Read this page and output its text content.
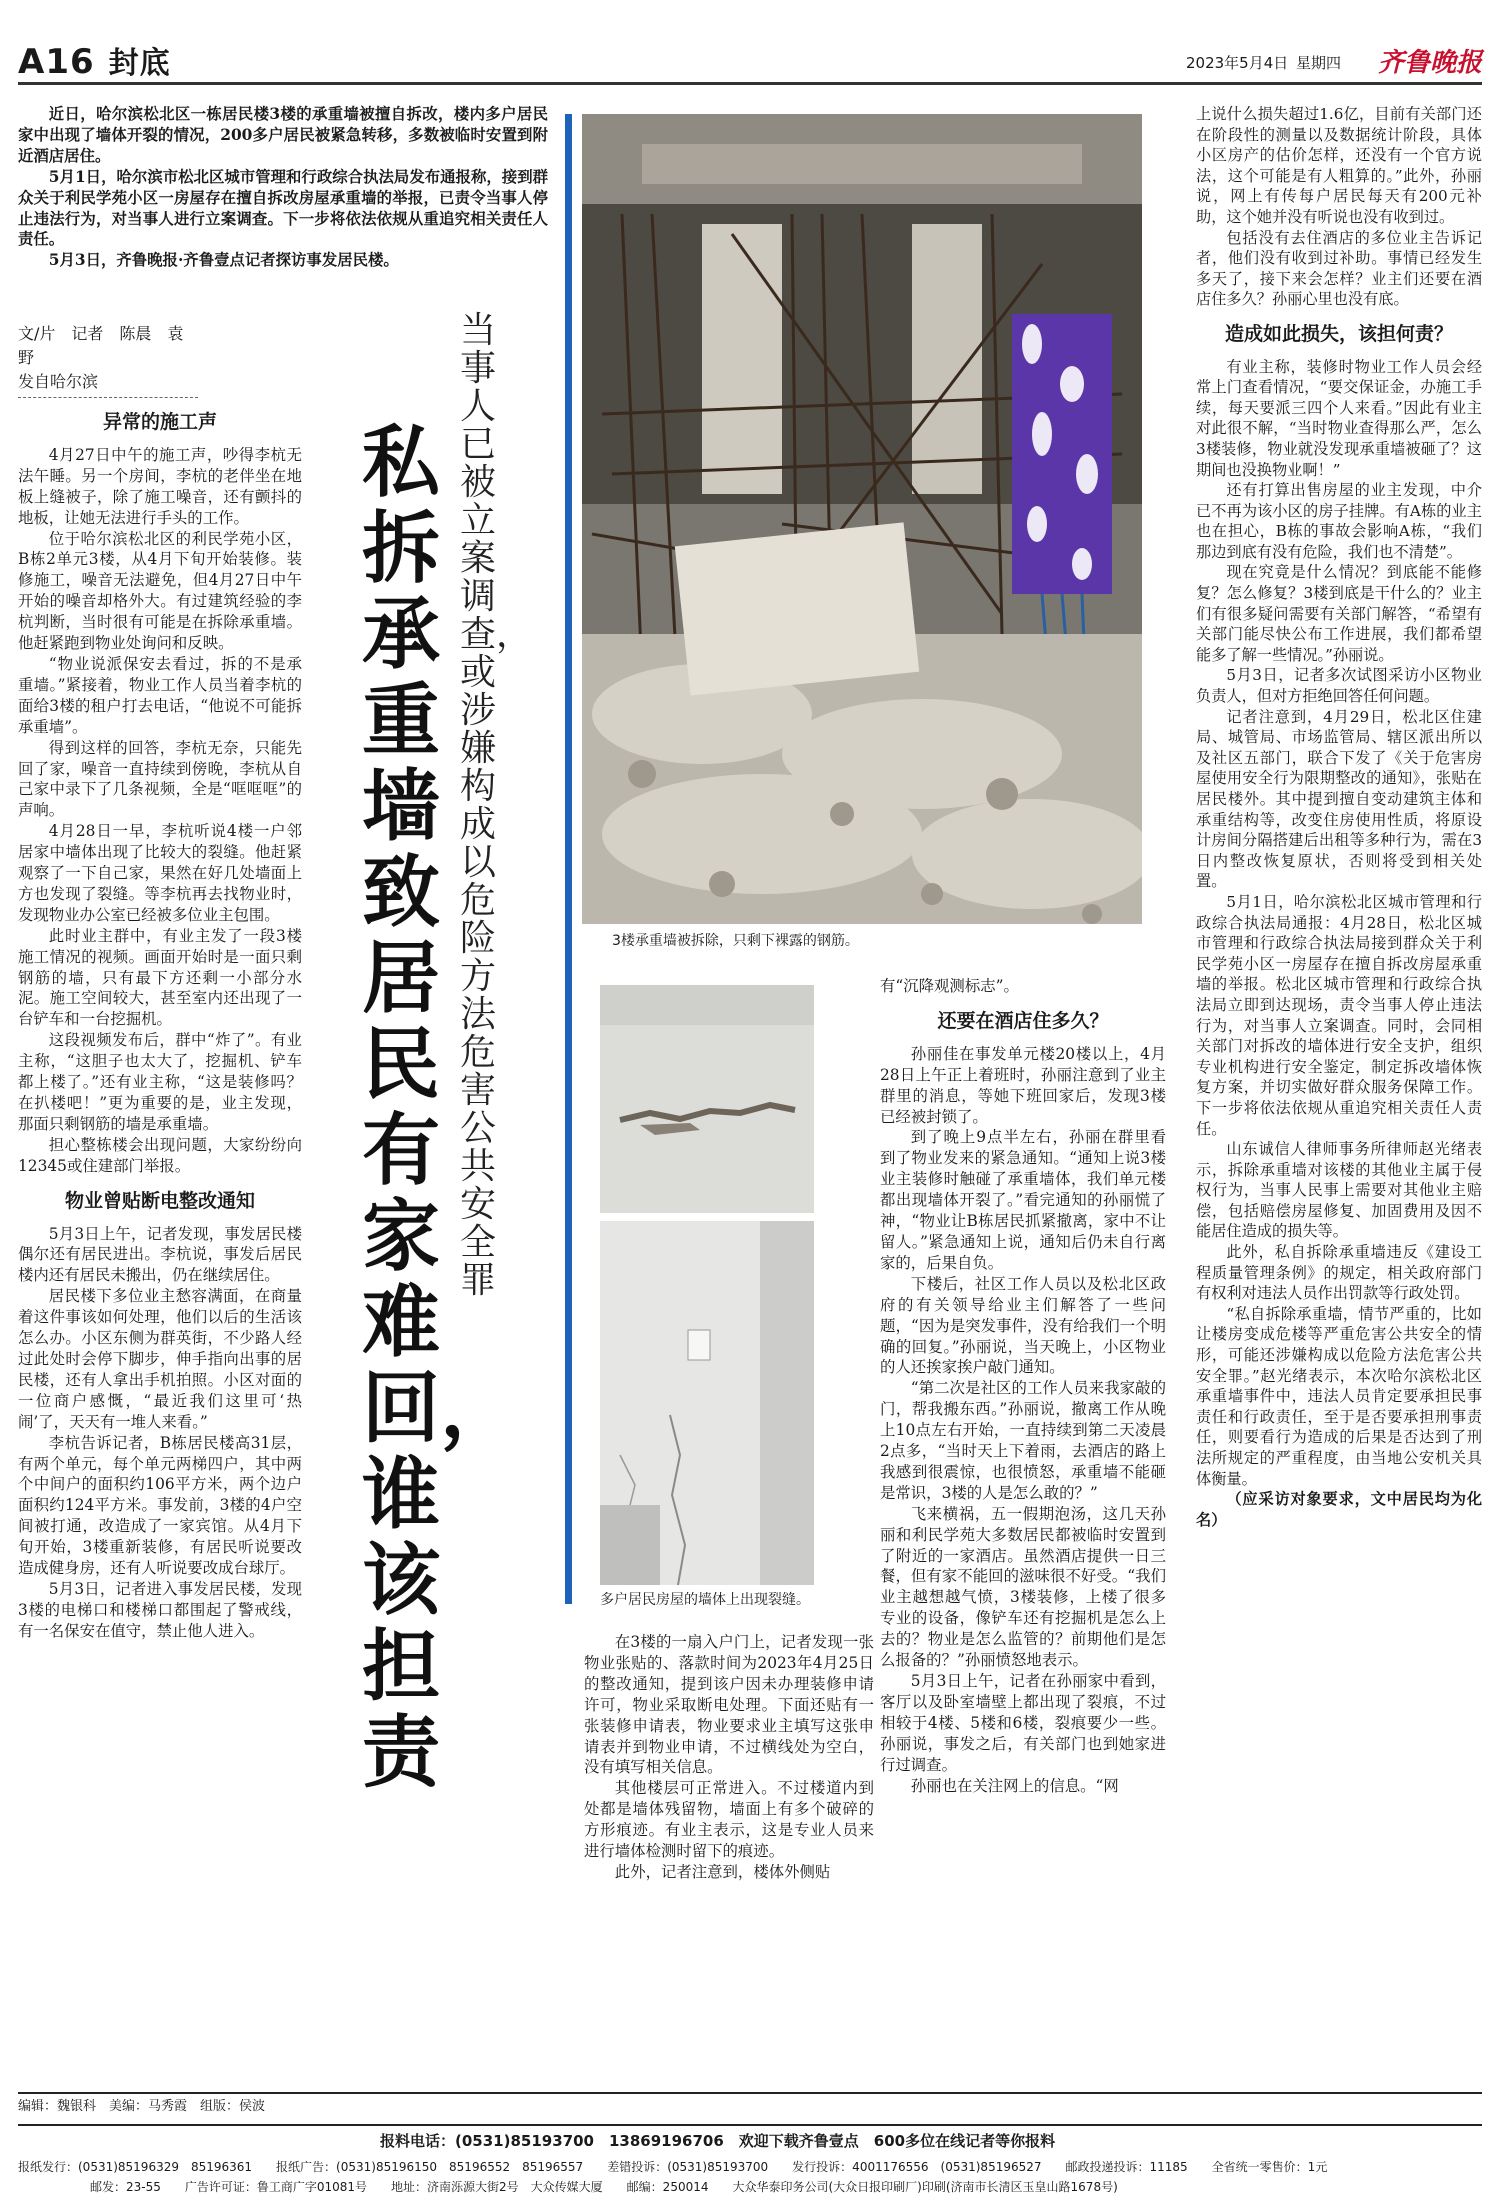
A16 封底	2023年5月4日 星期四 齐鲁晚报

近日，哈尔滨松北区一栋居民楼3楼的承重墙被擅自拆改，楼内多户居民家中出现了墙体开裂的情况，200多户居民被紧急转移，多数被临时安置到附近酒店居住。

5月1日，哈尔滨市松北区城市管理和行政综合执法局发布通报称，接到群众关于利民学苑小区一房屋存在擅自拆改房屋承重墙的举报，已责令当事人停止违法行为，对当事人进行立案调查。下一步将依法依规从重追究相关责任人责任。

5月3日，齐鲁晚报·齐鲁壹点记者探访事发居民楼。

文/片　记者　陈晨　袁野
发自哈尔滨
异常的施工声

4月27日中午的施工声，吵得李杭无法午睡。另一个房间，李杭的老伴坐在地板上缝被子，除了施工噪音，还有颤抖的地板，让她无法进行手头的工作。

位于哈尔滨松北区的利民学苑小区，B栋2单元3楼，从4月下旬开始装修。装修施工，噪音无法避免，但4月27日中午开始的噪音却格外大。有过建筑经验的李杭判断，当时很有可能是在拆除承重墙。他赶紧跑到物业处询问和反映。

“物业说派保安去看过，拆的不是承重墙。”紧接着，物业工作人员当着李杭的面给3楼的租户打去电话，“他说不可能拆承重墙”。

得到这样的回答，李杭无奈，只能先回了家，噪音一直持续到傍晚，李杭从自己家中录下了几条视频，全是“哐哐哐”的声响。

4月28日一早，李杭听说4楼一户邻居家中墙体出现了比较大的裂缝。他赶紧观察了一下自己家，果然在好几处墙面上方也发现了裂缝。等李杭再去找物业时，发现物业办公室已经被多位业主包围。

此时业主群中，有业主发了一段3楼施工情况的视频。画面开始时是一面只剩钢筋的墙，只有最下方还剩一小部分水泥。施工空间较大，甚至室内还出现了一台铲车和一台挖掘机。

这段视频发布后，群中“炸了”。有业主称，“这胆子也太大了，挖掘机、铲车都上楼了。”还有业主称，“这是装修吗？在扒楼吧！”更为重要的是，业主发现，那面只剩钢筋的墙是承重墙。

担心整栋楼会出现问题，大家纷纷向12345或住建部门举报。

物业曾贴断电整改通知

5月3日上午，记者发现，事发居民楼偶尔还有居民进出。李杭说，事发后居民楼内还有居民未搬出，仍在继续居住。

居民楼下多位业主愁容满面，在商量着这件事该如何处理，他们以后的生活该怎么办。小区东侧为群英街，不少路人经过此处时会停下脚步，伸手指向出事的居民楼，还有人拿出手机拍照。小区对面的一位商户感慨，“最近我们这里可‘热闹’了，天天有一堆人来看。”

李杭告诉记者，B栋居民楼高31层，有两个单元，每个单元两梯四户，其中两个中间户的面积约106平方米，两个边户面积约124平方米。事发前，3楼的4户空间被打通，改造成了一家宾馆。从4月下旬开始，3楼重新装修，有居民听说要改造成健身房，还有人听说要改成台球厅。

5月3日，记者进入事发居民楼，发现3楼的电梯口和楼梯口都围起了警戒线，有一名保安在值守，禁止他人进入。

私拆承重墙致居民有家难回，谁该担责
当事人已被立案调查，或涉嫌构成以危险方法危害公共安全罪
3楼承重墙被拆除，只剩下裸露的钢筋。
多户居民房屋的墙体上出现裂缝。

在3楼的一扇入户门上，记者发现一张物业张贴的、落款时间为2023年4月25日的整改通知，提到该户因未办理装修申请许可，物业采取断电处理。下面还贴有一张装修申请表，物业要求业主填写这张申请表并到物业申请，不过横线处为空白，没有填写相关信息。

其他楼层可正常进入。不过楼道内到处都是墙体残留物，墙面上有多个破碎的方形痕迹。有业主表示，这是专业人员来进行墙体检测时留下的痕迹。

此外，记者注意到，楼体外侧贴

有“沉降观测标志”。

还要在酒店住多久？

孙丽佳在事发单元楼20楼以上，4月28日上午正上着班时，孙丽注意到了业主群里的消息，等她下班回家后，发现3楼已经被封锁了。

到了晚上9点半左右，孙丽在群里看到了物业发来的紧急通知。“通知上说3楼业主装修时触碰了承重墙体，我们单元楼都出现墙体开裂了。”看完通知的孙丽慌了神，“物业让B栋居民抓紧撤离，家中不让留人。”紧急通知上说，通知后仍未自行离家的，后果自负。

下楼后，社区工作人员以及松北区政府的有关领导给业主们解答了一些问题，“因为是突发事件，没有给我们一个明确的回复。”孙丽说，当天晚上，小区物业的人还挨家挨户敲门通知。

“第二次是社区的工作人员来我家敲的门，帮我搬东西。”孙丽说，撤离工作从晚上10点左右开始，一直持续到第二天凌晨2点多，“当时天上下着雨，去酒店的路上我感到很震惊，也很愤怒，承重墙不能砸是常识，3楼的人是怎么敢的？”

飞来横祸，五一假期泡汤，这几天孙丽和利民学苑大多数居民都被临时安置到了附近的一家酒店。虽然酒店提供一日三餐，但有家不能回的滋味很不好受。“我们业主越想越气愤，3楼装修，上楼了很多专业的设备，像铲车还有挖掘机是怎么上去的？物业是怎么监管的？前期他们是怎么报备的？”孙丽愤怒地表示。

5月3日上午，记者在孙丽家中看到，客厅以及卧室墙壁上都出现了裂痕，不过相较于4楼、5楼和6楼，裂痕要少一些。孙丽说，事发之后，有关部门也到她家进行过调查。

孙丽也在关注网上的信息。“网

上说什么损失超过1.6亿，目前有关部门还在阶段性的测量以及数据统计阶段，具体小区房产的估价怎样，还没有一个官方说法，这个可能是有人粗算的。”此外，孙丽说，网上有传每户居民每天有200元补助，这个她并没有听说也没有收到过。

包括没有去住酒店的多位业主告诉记者，他们没有收到过补助。事情已经发生多天了，接下来会怎样？业主们还要在酒店住多久？孙丽心里也没有底。

造成如此损失，该担何责？

有业主称，装修时物业工作人员会经常上门查看情况，“要交保证金，办施工手续，每天要派三四个人来看。”因此有业主对此很不解，“当时物业查得那么严，怎么3楼装修，物业就没发现承重墙被砸了？这期间也没换物业啊！”

还有打算出售房屋的业主发现，中介已不再为该小区的房子挂牌。有A栋的业主也在担心，B栋的事故会影响A栋，“我们那边到底有没有危险，我们也不清楚”。

现在究竟是什么情况？到底能不能修复？怎么修复？3楼到底是干什么的？业主们有很多疑问需要有关部门解答，“希望有关部门能尽快公布工作进展，我们都希望能多了解一些情况。”孙丽说。

5月3日，记者多次试图采访小区物业负责人，但对方拒绝回答任何问题。

记者注意到，4月29日，松北区住建局、城管局、市场监管局、辖区派出所以及社区五部门，联合下发了《关于危害房屋使用安全行为限期整改的通知》，张贴在居民楼外。其中提到擅自变动建筑主体和承重结构等，改变住房使用性质，将原设计房间分隔搭建后出租等多种行为，需在3日内整改恢复原状，否则将受到相关处置。

5月1日，哈尔滨松北区城市管理和行政综合执法局通报：4月28日，松北区城市管理和行政综合执法局接到群众关于利民学苑小区一房屋存在擅自拆改房屋承重墙的举报。松北区城市管理和行政综合执法局立即到达现场，责令当事人停止违法行为，对当事人立案调查。同时，会同相关部门对拆改的墙体进行安全支护，组织专业机构进行安全鉴定，制定拆改墙体恢复方案，并切实做好群众服务保障工作。下一步将依法依规从重追究相关责任人责任。

山东诚信人律师事务所律师赵光绪表示，拆除承重墙对该楼的其他业主属于侵权行为，当事人民事上需要对其他业主赔偿，包括赔偿房屋修复、加固费用及因不能居住造成的损失等。

此外，私自拆除承重墙违反《建设工程质量管理条例》的规定，相关政府部门有权利对违法人员作出罚款等行政处罚。

“私自拆除承重墙，情节严重的，比如让楼房变成危楼等严重危害公共安全的情形，可能还涉嫌构成以危险方法危害公共安全罪。”赵光绪表示，本次哈尔滨松北区承重墙事件中，违法人员肯定要承担民事责任和行政责任，至于是否要承担刑事责任，则要看行为造成的后果是否达到了刑法所规定的严重程度，由当地公安机关具体衡量。

（应采访对象要求，文中居民均为化名）

编辑：魏银科　美编：马秀霞　组版：侯波
报料电话：(0531)85193700　13869196706　欢迎下载齐鲁壹点　600多位在线记者等你报料
报纸发行：(0531)85196329　85196361　　报纸广告：(0531)85196150　85196552　85196557　　差错投诉：(0531)85193700　　发行投诉：4001176556　(0531)85196527　　邮政投递投诉：11185　　全省统一零售价：1元
邮发：23-55　　广告许可证：鲁工商广字01081号　　地址：济南泺源大街2号　大众传媒大厦　　邮编：250014　　大众华泰印务公司(大众日报印刷厂)印刷(济南市长清区玉皇山路1678号)
